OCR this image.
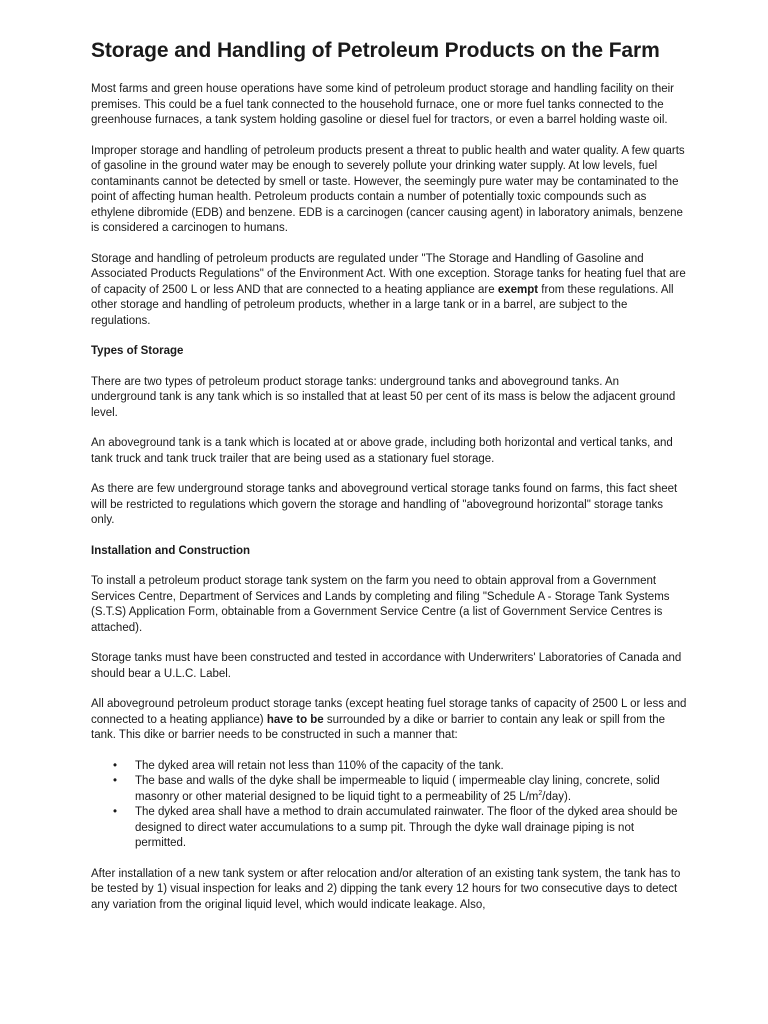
Storage and Handling of Petroleum Products on the Farm

Most farms and green house operations have some kind of petroleum product storage and handling facility on their premises. This could be a fuel tank connected to the household furnace, one or more fuel tanks connected to the greenhouse furnaces, a tank system holding gasoline or diesel fuel for tractors, or even a barrel holding waste oil.

Improper storage and handling of petroleum products present a threat to public health and water quality. A few quarts of gasoline in the ground water may be enough to severely pollute your drinking water supply. At low levels, fuel contaminants cannot be detected by smell or taste. However, the seemingly pure water may be contaminated to the point of affecting human health. Petroleum products contain a number of potentially toxic compounds such as ethylene dibromide (EDB) and benzene. EDB is a carcinogen (cancer causing agent) in laboratory animals, benzene is considered a carcinogen to humans.

Storage and handling of petroleum products are regulated under "The Storage and Handling of Gasoline and Associated Products Regulations" of the Environment Act. With one exception. Storage tanks for heating fuel that are of capacity of 2500 L or less AND that are connected to a heating appliance are exempt from these regulations. All other storage and handling of petroleum products, whether in a large tank or in a barrel, are subject to the regulations.

Types of Storage

There are two types of petroleum product storage tanks: underground tanks and aboveground tanks. An underground tank is any tank which is so installed that at least 50 per cent of its mass is below the adjacent ground level.

An aboveground tank is a tank which is located at or above grade, including both horizontal and vertical tanks, and tank truck and tank truck trailer that are being used as a stationary fuel storage.

As there are few underground storage tanks and aboveground vertical storage tanks found on farms, this fact sheet will be restricted to regulations which govern the storage and handling of "aboveground horizontal" storage tanks only.

Installation and Construction

To install a petroleum product storage tank system on the farm you need to obtain approval from a Government Services Centre, Department of Services and Lands by completing and filing "Schedule A - Storage Tank Systems (S.T.S) Application Form, obtainable from a Government Service Centre (a list of Government Service Centres is attached).

Storage tanks must have been constructed and tested in accordance with Underwriters' Laboratories of Canada and should bear a U.L.C. Label.

All aboveground petroleum product storage tanks (except heating fuel storage tanks of capacity of 2500 L or less and connected to a heating appliance) have to be surrounded by a dike or barrier to contain any leak or spill from the tank. This dike or barrier needs to be constructed in such a manner that:

• The dyked area will retain not less than 110% of the capacity of the tank.
• The base and walls of the dyke shall be impermeable to liquid ( impermeable clay lining, concrete, solid masonry or other material designed to be liquid tight to a permeability of 25 $L/m^2/day$).
• The dyked area shall have a method to drain accumulated rainwater. The floor of the dyked area should be designed to direct water accumulations to a sump pit. Through the dyke wall drainage piping is not permitted.

After installation of a new tank system or after relocation and/or alteration of an existing tank system, the tank has to be tested by 1) visual inspection for leaks and 2) dipping the tank every 12 hours for two consecutive days to detect any variation from the original liquid level, which would indicate leakage. Also,
